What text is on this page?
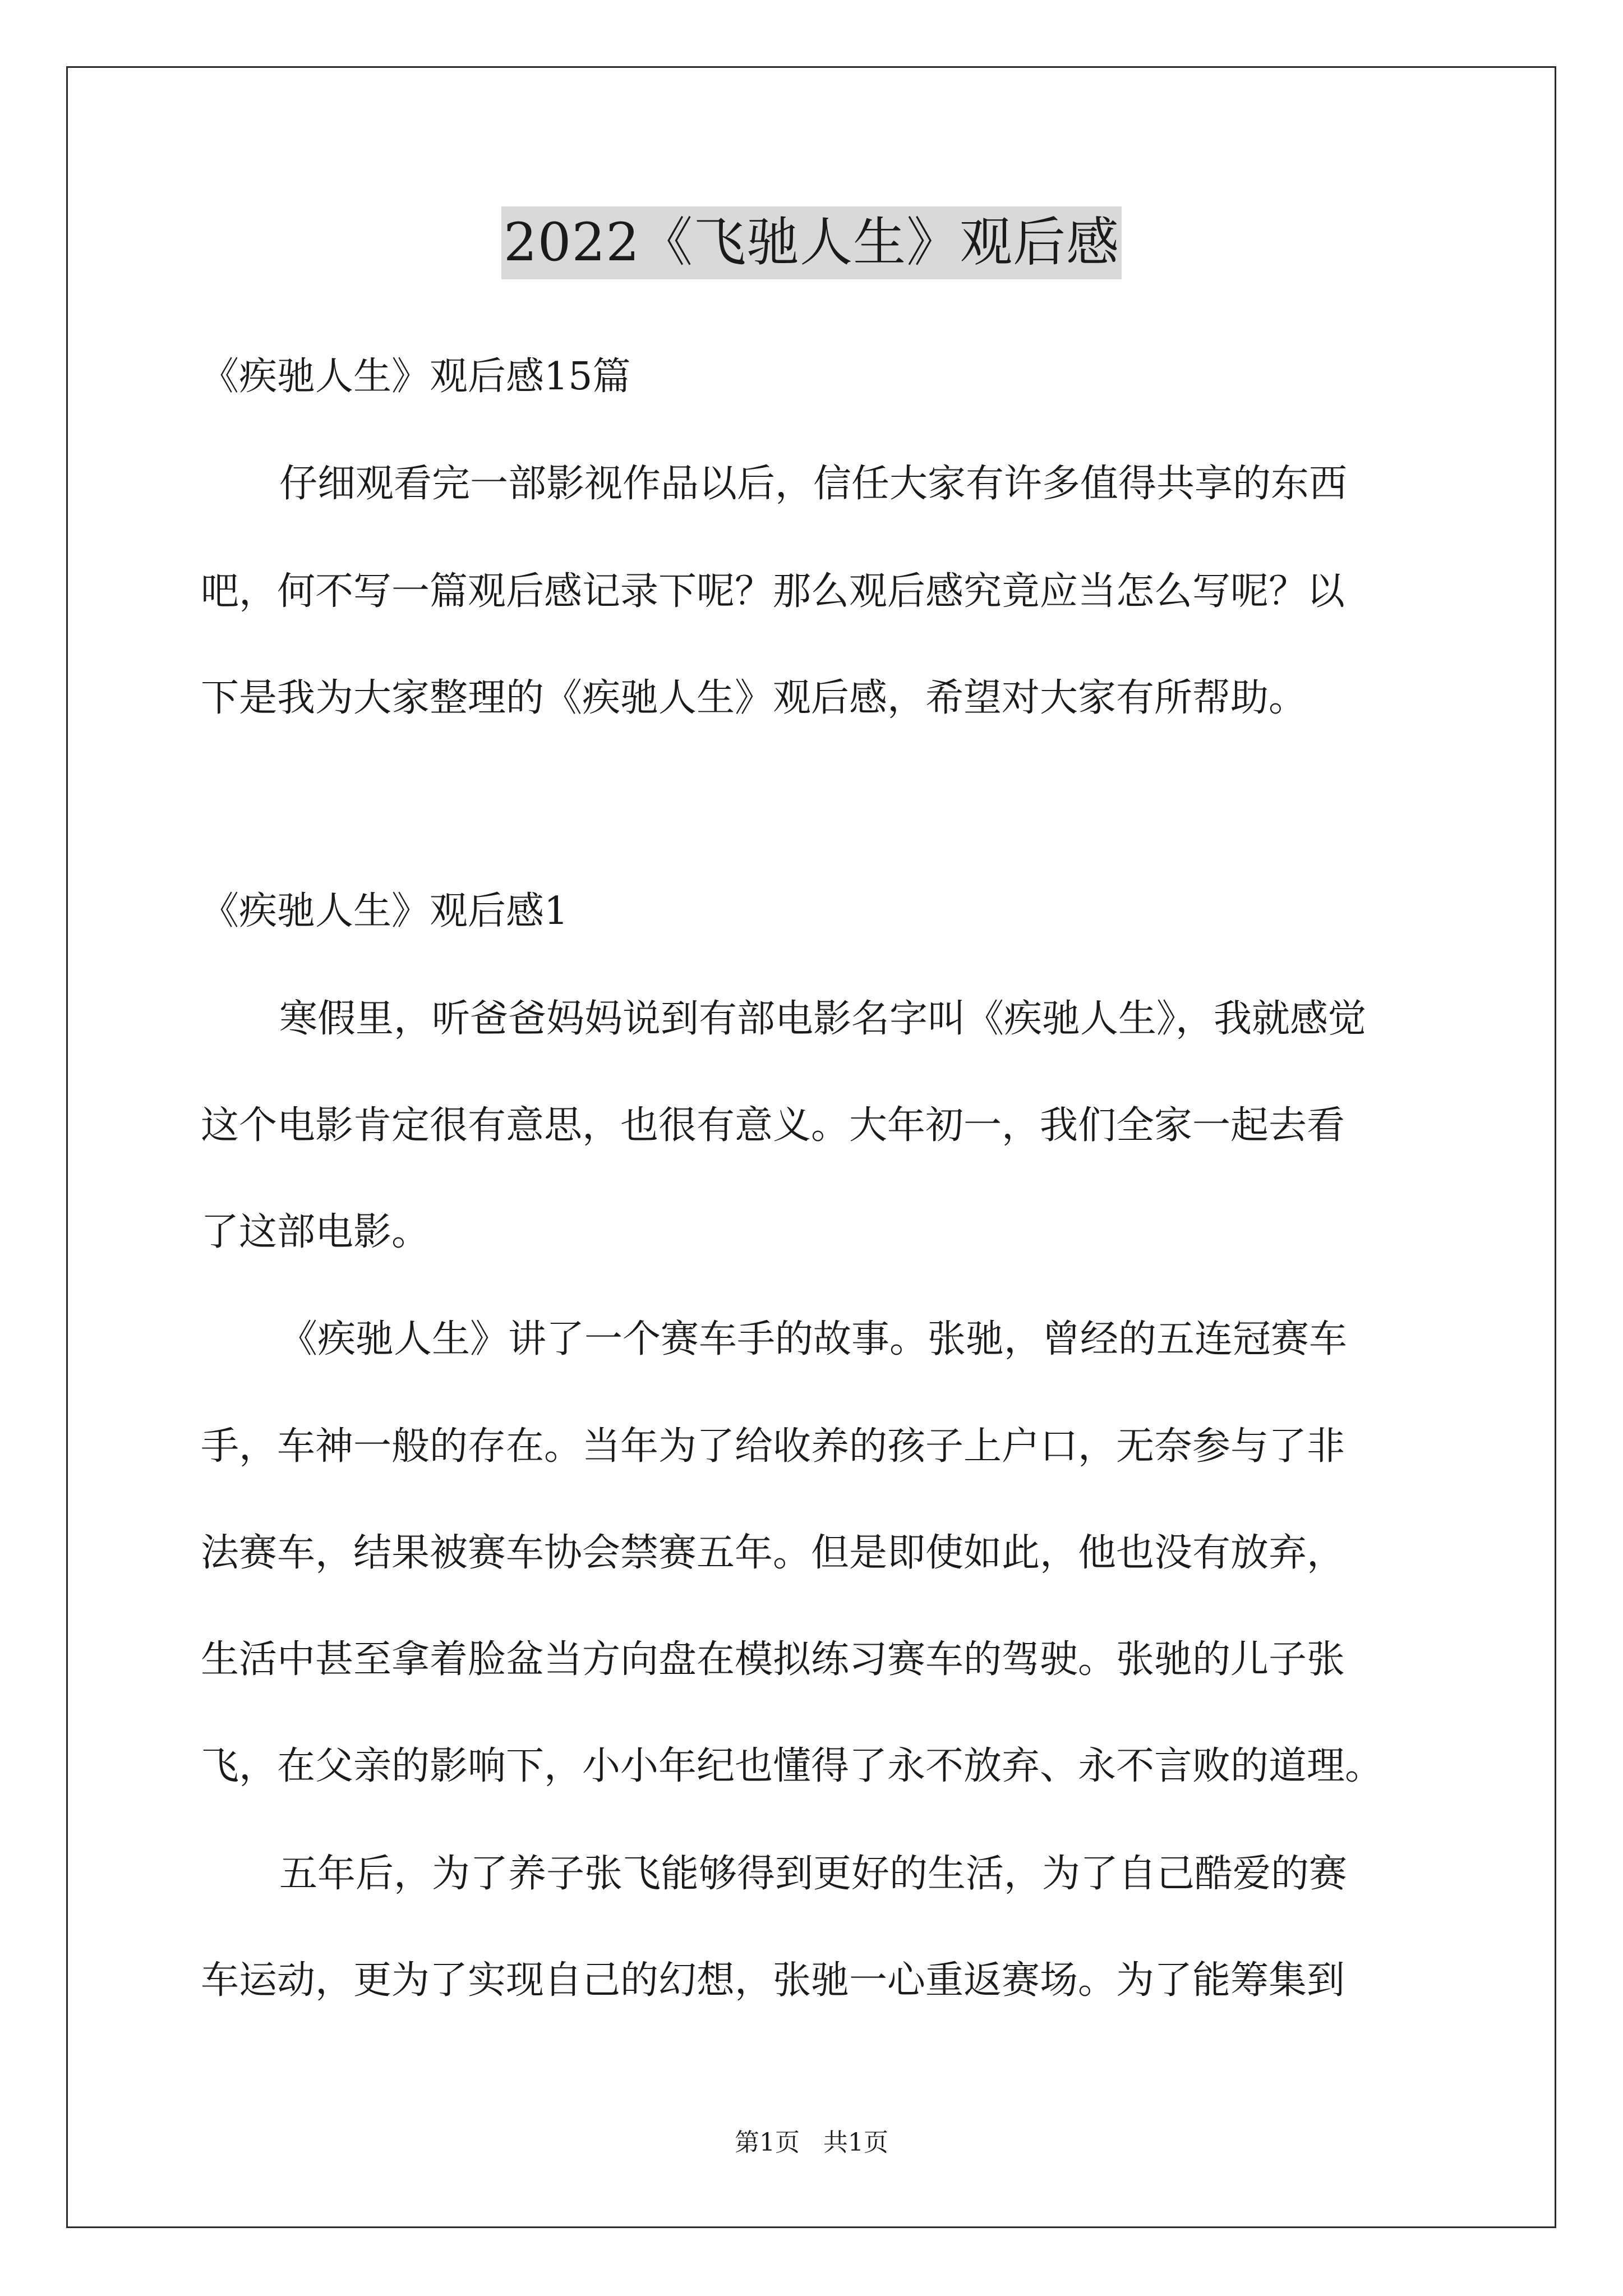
2022《飞驰人生》观后感
《疾驰人生》观后感15篇
仔细观看完一部影视作品以后，信任大家有许多值得共享的东西
吧，何不写一篇观后感记录下呢？那么观后感究竟应当怎么写呢？以
下是我为大家整理的《疾驰人生》观后感，希望对大家有所帮助。
《疾驰人生》观后感1
寒假里，听爸爸妈妈说到有部电影名字叫《疾驰人生》，我就感觉
这个电影肯定很有意思，也很有意义。大年初一，我们全家一起去看
了这部电影。
《疾驰人生》讲了一个赛车手的故事。张驰，曾经的五连冠赛车
手，车神一般的存在。当年为了给收养的孩子上户口，无奈参与了非
法赛车，结果被赛车协会禁赛五年。但是即使如此，他也没有放弃，
生活中甚至拿着脸盆当方向盘在模拟练习赛车的驾驶。张驰的儿子张
飞，在父亲的影响下，小小年纪也懂得了永不放弃、永不言败的道理。
五年后，为了养子张飞能够得到更好的生活，为了自己酷爱的赛
车运动，更为了实现自己的幻想，张驰一心重返赛场。为了能筹集到
第1页   共1页
